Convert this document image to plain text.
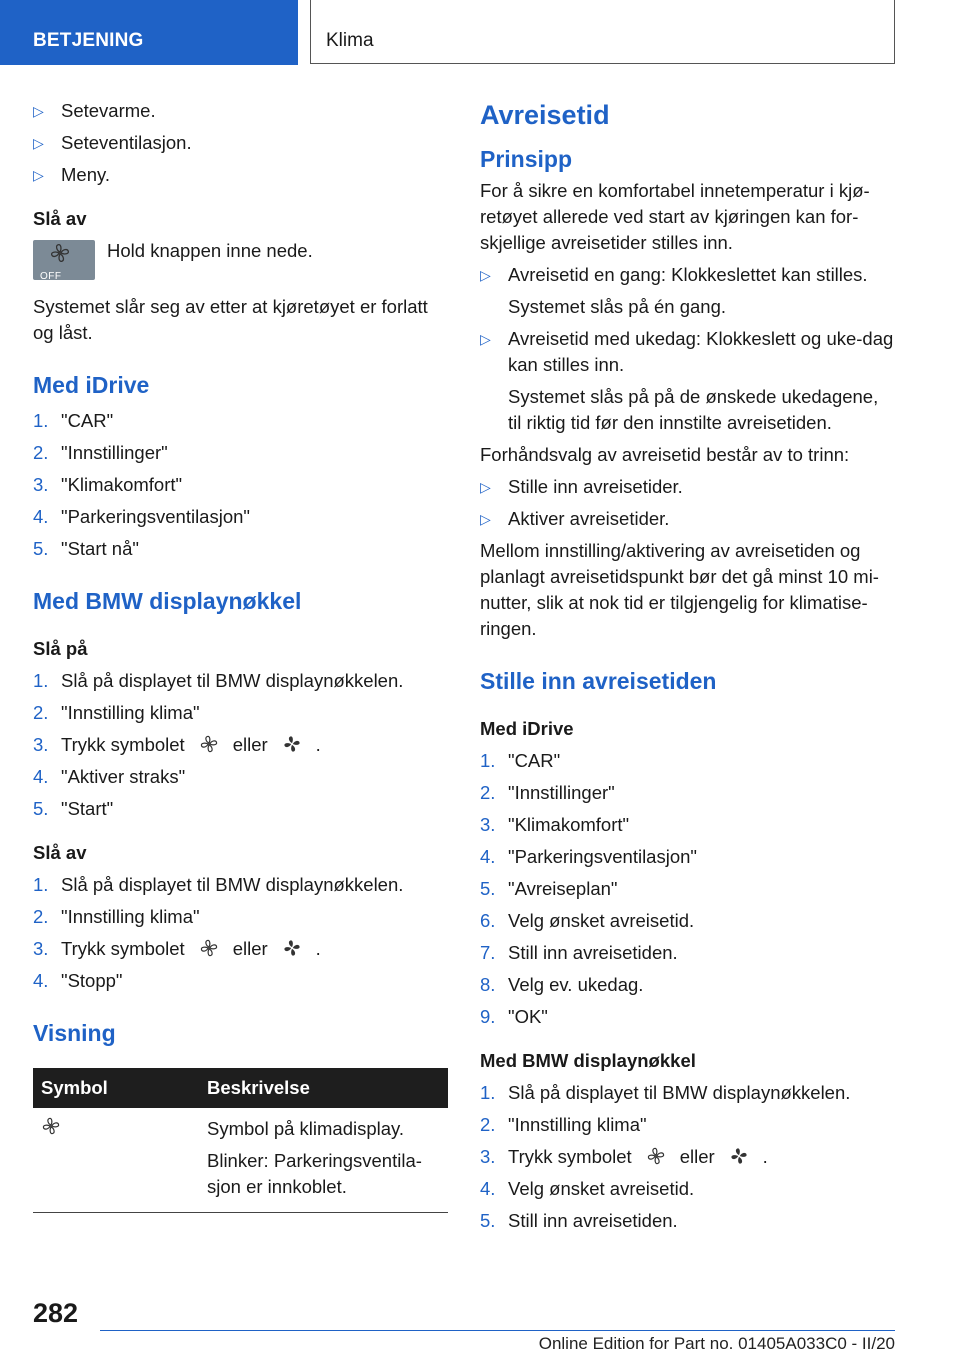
BETJENING	Klima
▷ Setevarme.
▷ Seteventilasjon.
▷ Meny.
Slå av
OFF
Hold knappen inne nede.

Systemet slår seg av etter at kjøretøyet er forlatt og låst.

Med iDrive
1. "CAR"
2. "Innstillinger"
3. "Klimakomfort"
4. "Parkeringsventilasjon"
5. "Start nå"
Med BMW displaynøkkel
Slå på
1. Slå på displayet til BMW displaynøkkelen.
2. "Innstilling klima"
3. Trykk symbolet	eller	.
4. "Aktiver straks"
5. "Start"
Slå av
1. Slå på displayet til BMW displaynøkkelen.
2. "Innstilling klima"
3. Trykk symbolet	eller	.
4. "Stopp"
Visning
Symbol	Beskrivelse

Symbol på klimadisplay.

Blinker: Parkeringsventila-sjon er innkoblet.

Avreisetid
Prinsipp

For å sikre en komfortabel innetemperatur i kjø-retøyet allerede ved start av kjøringen kan for-skjellige avreisetider stilles inn.

▷ Avreisetid en gang: Klokkeslettet kan stilles.
Systemet slås på én gang.
▷ Avreisetid med ukedag: Klokkeslett og uke-dag kan stilles inn.
Systemet slås på på de ønskede ukedagene, til riktig tid før den innstilte avreisetiden.

Forhåndsvalg av avreisetid består av to trinn:

▷ Stille inn avreisetider.
▷ Aktiver avreisetider.

Mellom innstilling/aktivering av avreisetiden og planlagt avreisetidspunkt bør det gå minst 10 mi-nutter, slik at nok tid er tilgjengelig for klimatise-ringen.

Stille inn avreisetiden
Med iDrive
1. "CAR"
2. "Innstillinger"
3. "Klimakomfort"
4. "Parkeringsventilasjon"
5. "Avreiseplan"
6. Velg ønsket avreisetid.
7. Still inn avreisetiden.
8. Velg ev. ukedag.
9. "OK"
Med BMW displaynøkkel
1. Slå på displayet til BMW displaynøkkelen.
2. "Innstilling klima"
3. Trykk symbolet	eller	.
4. Velg ønsket avreisetid.
5. Still inn avreisetiden.
282
Online Edition for Part no. 01405A033C0 - II/20
